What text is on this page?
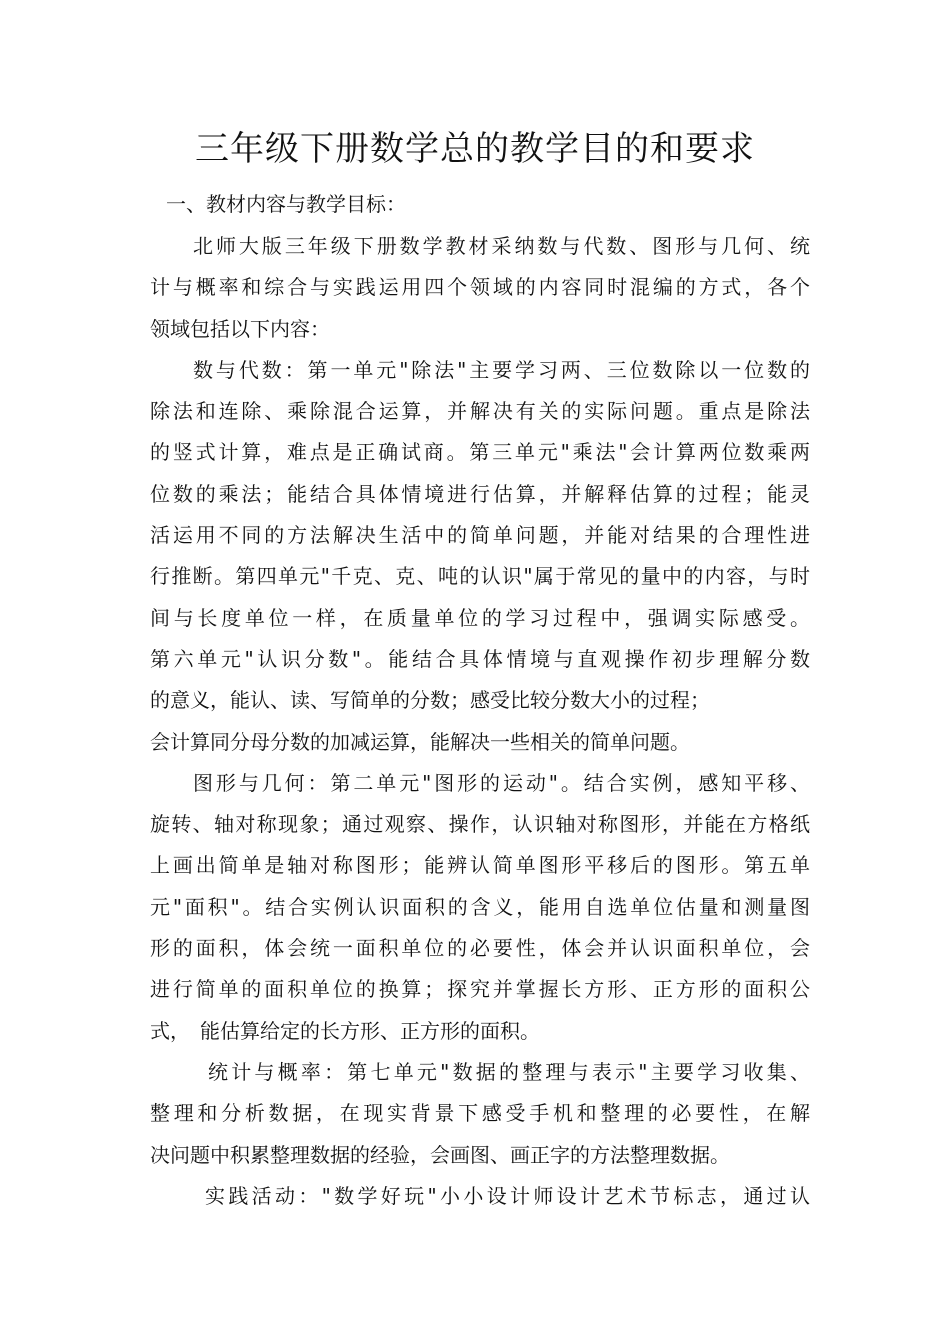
三年级下册数学总的教学目的和要求
一、教材内容与教学目标：
北师大版三年级下册数学教材采纳数与代数、图形与几何、统
计与概率和综合与实践运用四个领域的内容同时混编的方式，各个
领域包括以下内容：
数与代数：第一单元"除法"主要学习两、三位数除以一位数的
除法和连除、乘除混合运算，并解决有关的实际问题。重点是除法
的竖式计算，难点是正确试商。第三单元"乘法"会计算两位数乘两
位数的乘法；能结合具体情境进行估算，并解释估算的过程；能灵
活运用不同的方法解决生活中的简单问题，并能对结果的合理性进
行推断。第四单元"千克、克、吨的认识"属于常见的量中的内容，与时
间与长度单位一样，在质量单位的学习过程中，强调实际感受。
第六单元"认识分数"。能结合具体情境与直观操作初步理解分数
的意义，能认、读、写简单的分数；感受比较分数大小的过程；
会计算同分母分数的加减运算，能解决一些相关的简单问题。
图形与几何：第二单元"图形的运动"。结合实例，感知平移、
旋转、轴对称现象；通过观察、操作，认识轴对称图形，并能在方格纸
上画出简单是轴对称图形；能辨认简单图形平移后的图形。第五单
元"面积"。结合实例认识面积的含义，能用自选单位估量和测量图
形的面积，体会统一面积单位的必要性，体会并认识面积单位，会
进行简单的面积单位的换算；探究并掌握长方形、正方形的面积公
式，　能估算给定的长方形、正方形的面积。
统计与概率：第七单元"数据的整理与表示"主要学习收集、
整理和分析数据，在现实背景下感受手机和整理的必要性，在解
决问题中积累整理数据的经验，会画图、画正字的方法整理数据。
实践活动："数学好玩"小小设计师设计艺术节标志，通过认
